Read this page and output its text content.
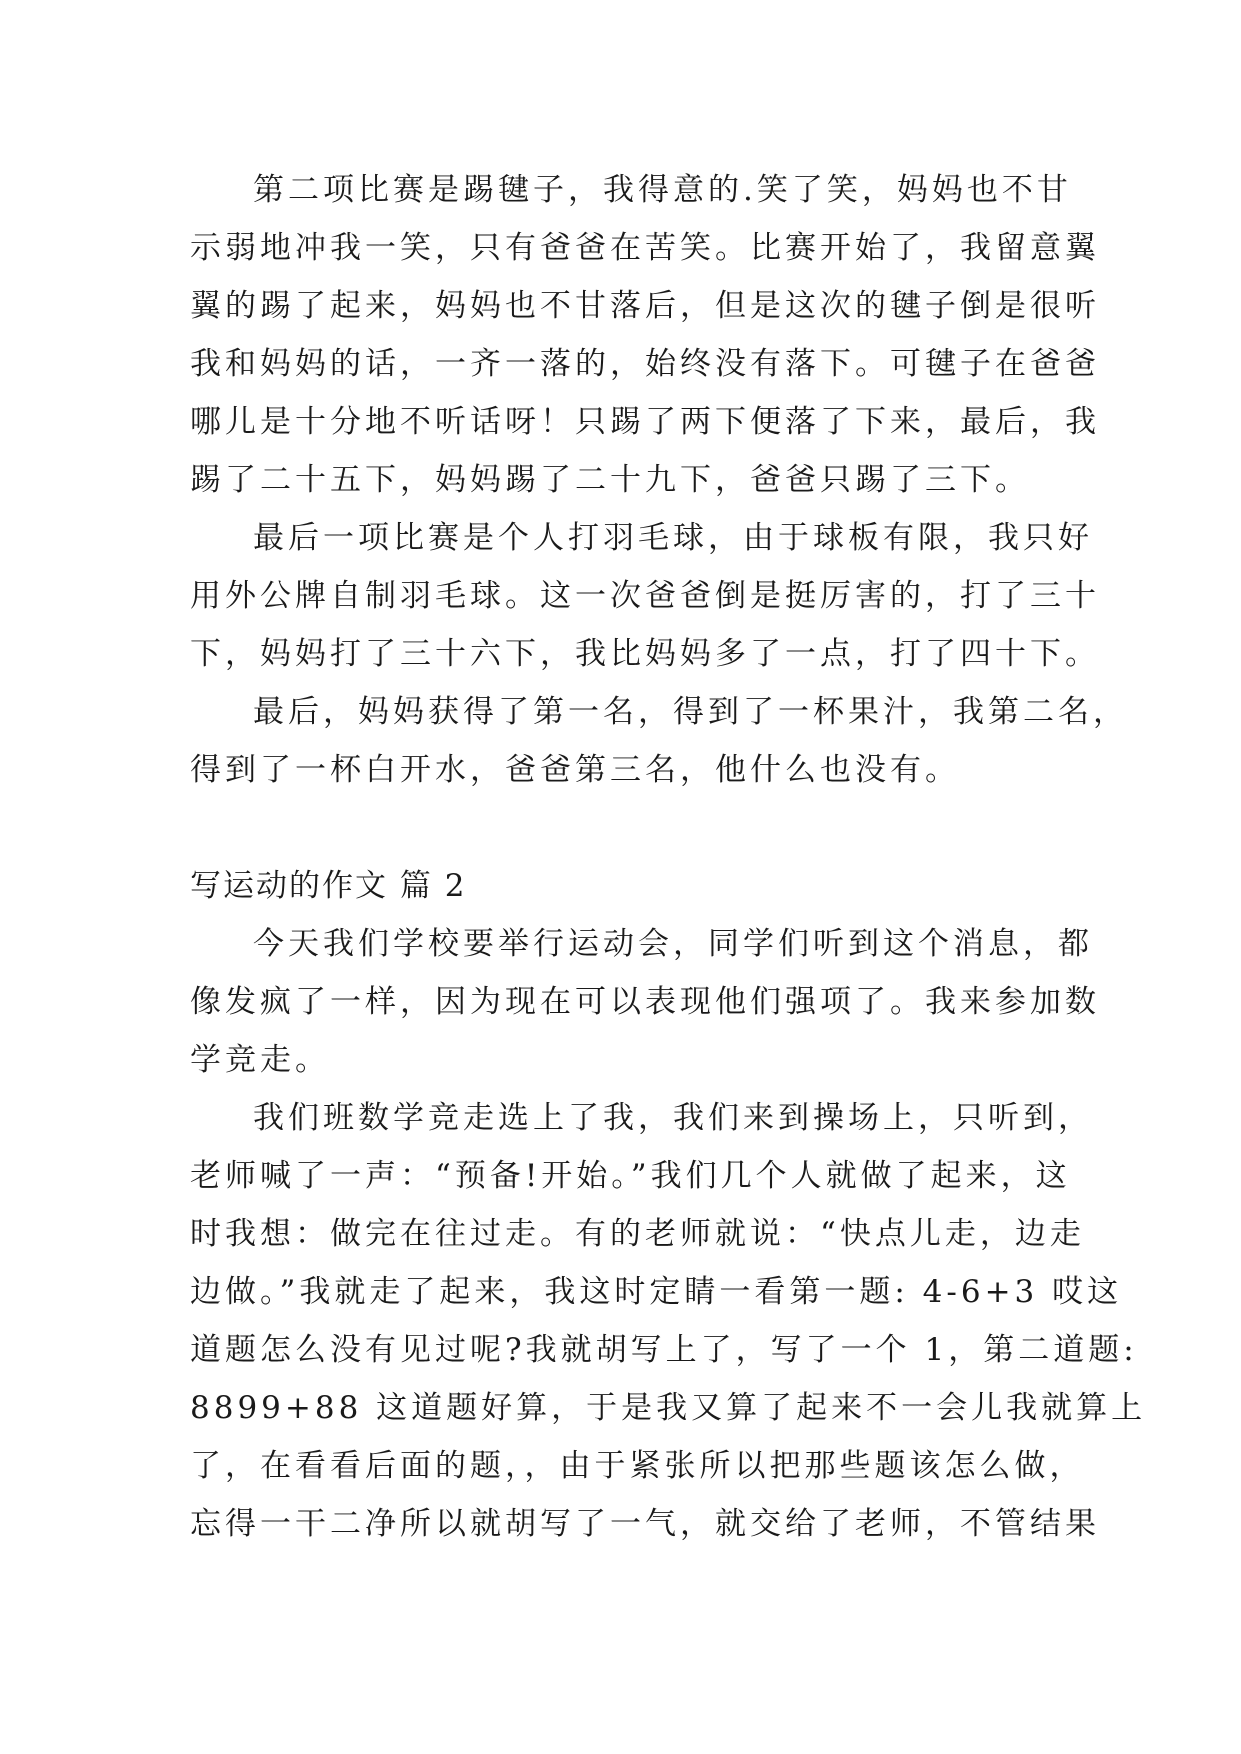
第二项比赛是踢毽子，我得意的.笑了笑，妈妈也不甘
示弱地冲我一笑，只有爸爸在苦笑。比赛开始了，我留意翼
翼的踢了起来，妈妈也不甘落后，但是这次的毽子倒是很听
我和妈妈的话，一齐一落的，始终没有落下。可毽子在爸爸
哪儿是十分地不听话呀！只踢了两下便落了下来，最后，我
踢了二十五下，妈妈踢了二十九下，爸爸只踢了三下。
最后一项比赛是个人打羽毛球，由于球板有限，我只好
用外公牌自制羽毛球。这一次爸爸倒是挺厉害的，打了三十
下，妈妈打了三十六下，我比妈妈多了一点，打了四十下。
最后，妈妈获得了第一名，得到了一杯果汁，我第二名，
得到了一杯白开水，爸爸第三名，他什么也没有。
写运动的作文 篇 2
今天我们学校要举行运动会，同学们听到这个消息，都
像发疯了一样，因为现在可以表现他们强项了。我来参加数
学竞走。
我们班数学竞走选上了我，我们来到操场上，只听到，
老师喊了一声：“预备!开始。”我们几个人就做了起来，这
时我想：做完在往过走。有的老师就说：“快点儿走，边走
边做。”我就走了起来，我这时定睛一看第一题: 4-6+3 哎这
道题怎么没有见过呢?我就胡写上了，写了一个 1，第二道题:
8899+88 这道题好算，于是我又算了起来不一会儿我就算上
了，在看看后面的题，，由于紧张所以把那些题该怎么做，
忘得一干二净所以就胡写了一气，就交给了老师，不管结果
